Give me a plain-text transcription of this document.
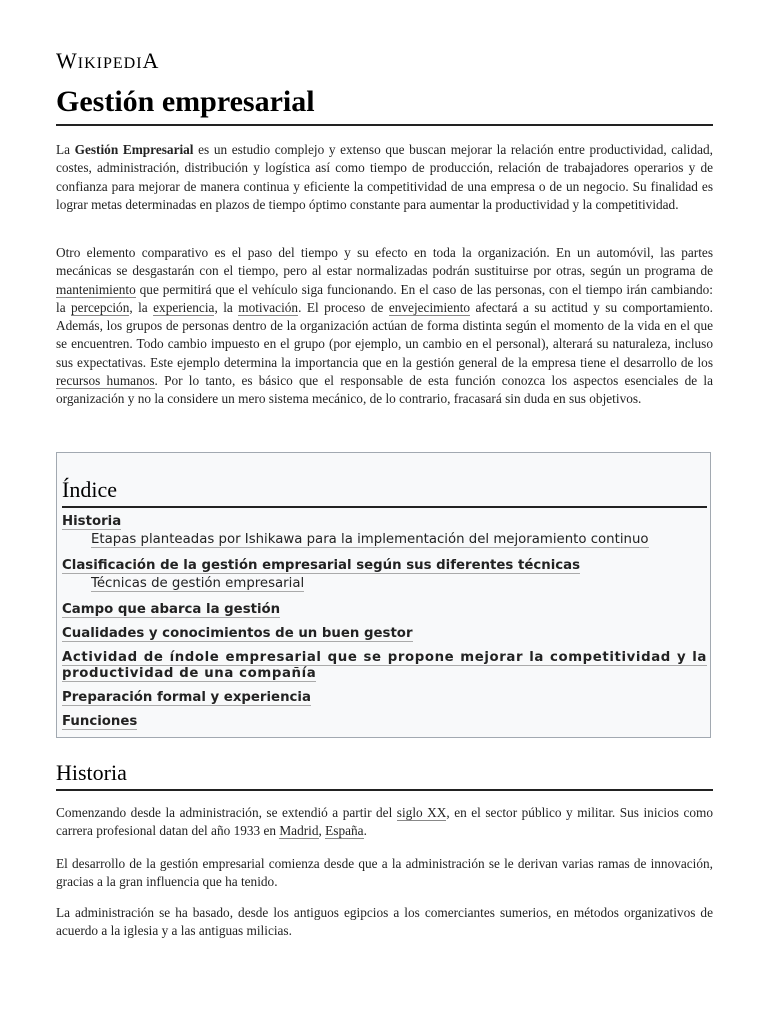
WIKIPEDIA
Gestión empresarial

La Gestión Empresarial es un estudio complejo y extenso que buscan mejorar la relación entre productividad, calidad, costes, administración, distribución y logística así como tiempo de producción, relación de trabajadores operarios y de confianza para mejorar de manera continua y eficiente la competitividad de una empresa o de un negocio. Su finalidad es lograr metas determinadas en plazos de tiempo óptimo constante para aumentar la productividad y la competitividad.

Otro elemento comparativo es el paso del tiempo y su efecto en toda la organización. En un automóvil, las partes mecánicas se desgastarán con el tiempo, pero al estar normalizadas podrán sustituirse por otras, según un programa de mantenimiento que permitirá que el vehículo siga funcionando. En el caso de las personas, con el tiempo irán cambiando: la percepción, la experiencia, la motivación. El proceso de envejecimiento afectará a su actitud y su comportamiento. Además, los grupos de personas dentro de la organización actúan de forma distinta según el momento de la vida en el que se encuentren. Todo cambio impuesto en el grupo (por ejemplo, un cambio en el personal), alterará su naturaleza, incluso sus expectativas. Este ejemplo determina la importancia que en la gestión general de la empresa tiene el desarrollo de los recursos humanos. Por lo tanto, es básico que el responsable de esta función conozca los aspectos esenciales de la organización y no la considere un mero sistema mecánico, de lo contrario, fracasará sin duda en sus objetivos.

Índice
Historia
Etapas planteadas por Ishikawa para la implementación del mejoramiento continuo
Clasificación de la gestión empresarial según sus diferentes técnicas
Técnicas de gestión empresarial
Campo que abarca la gestión
Cualidades y conocimientos de un buen gestor
Actividad de índole empresarial que se propone mejorar la competitividad y la productividad de una compañía
Preparación formal y experiencia
Funciones
Historia

Comenzando desde la administración, se extendió a partir del siglo XX, en el sector público y militar. Sus inicios como carrera profesional datan del año 1933 en Madrid, España.

El desarrollo de la gestión empresarial comienza desde que a la administración se le derivan varias ramas de innovación, gracias a la gran influencia que ha tenido.

La administración se ha basado, desde los antiguos egipcios a los comerciantes sumerios, en métodos organizativos de acuerdo a la iglesia y a las antiguas milicias.
